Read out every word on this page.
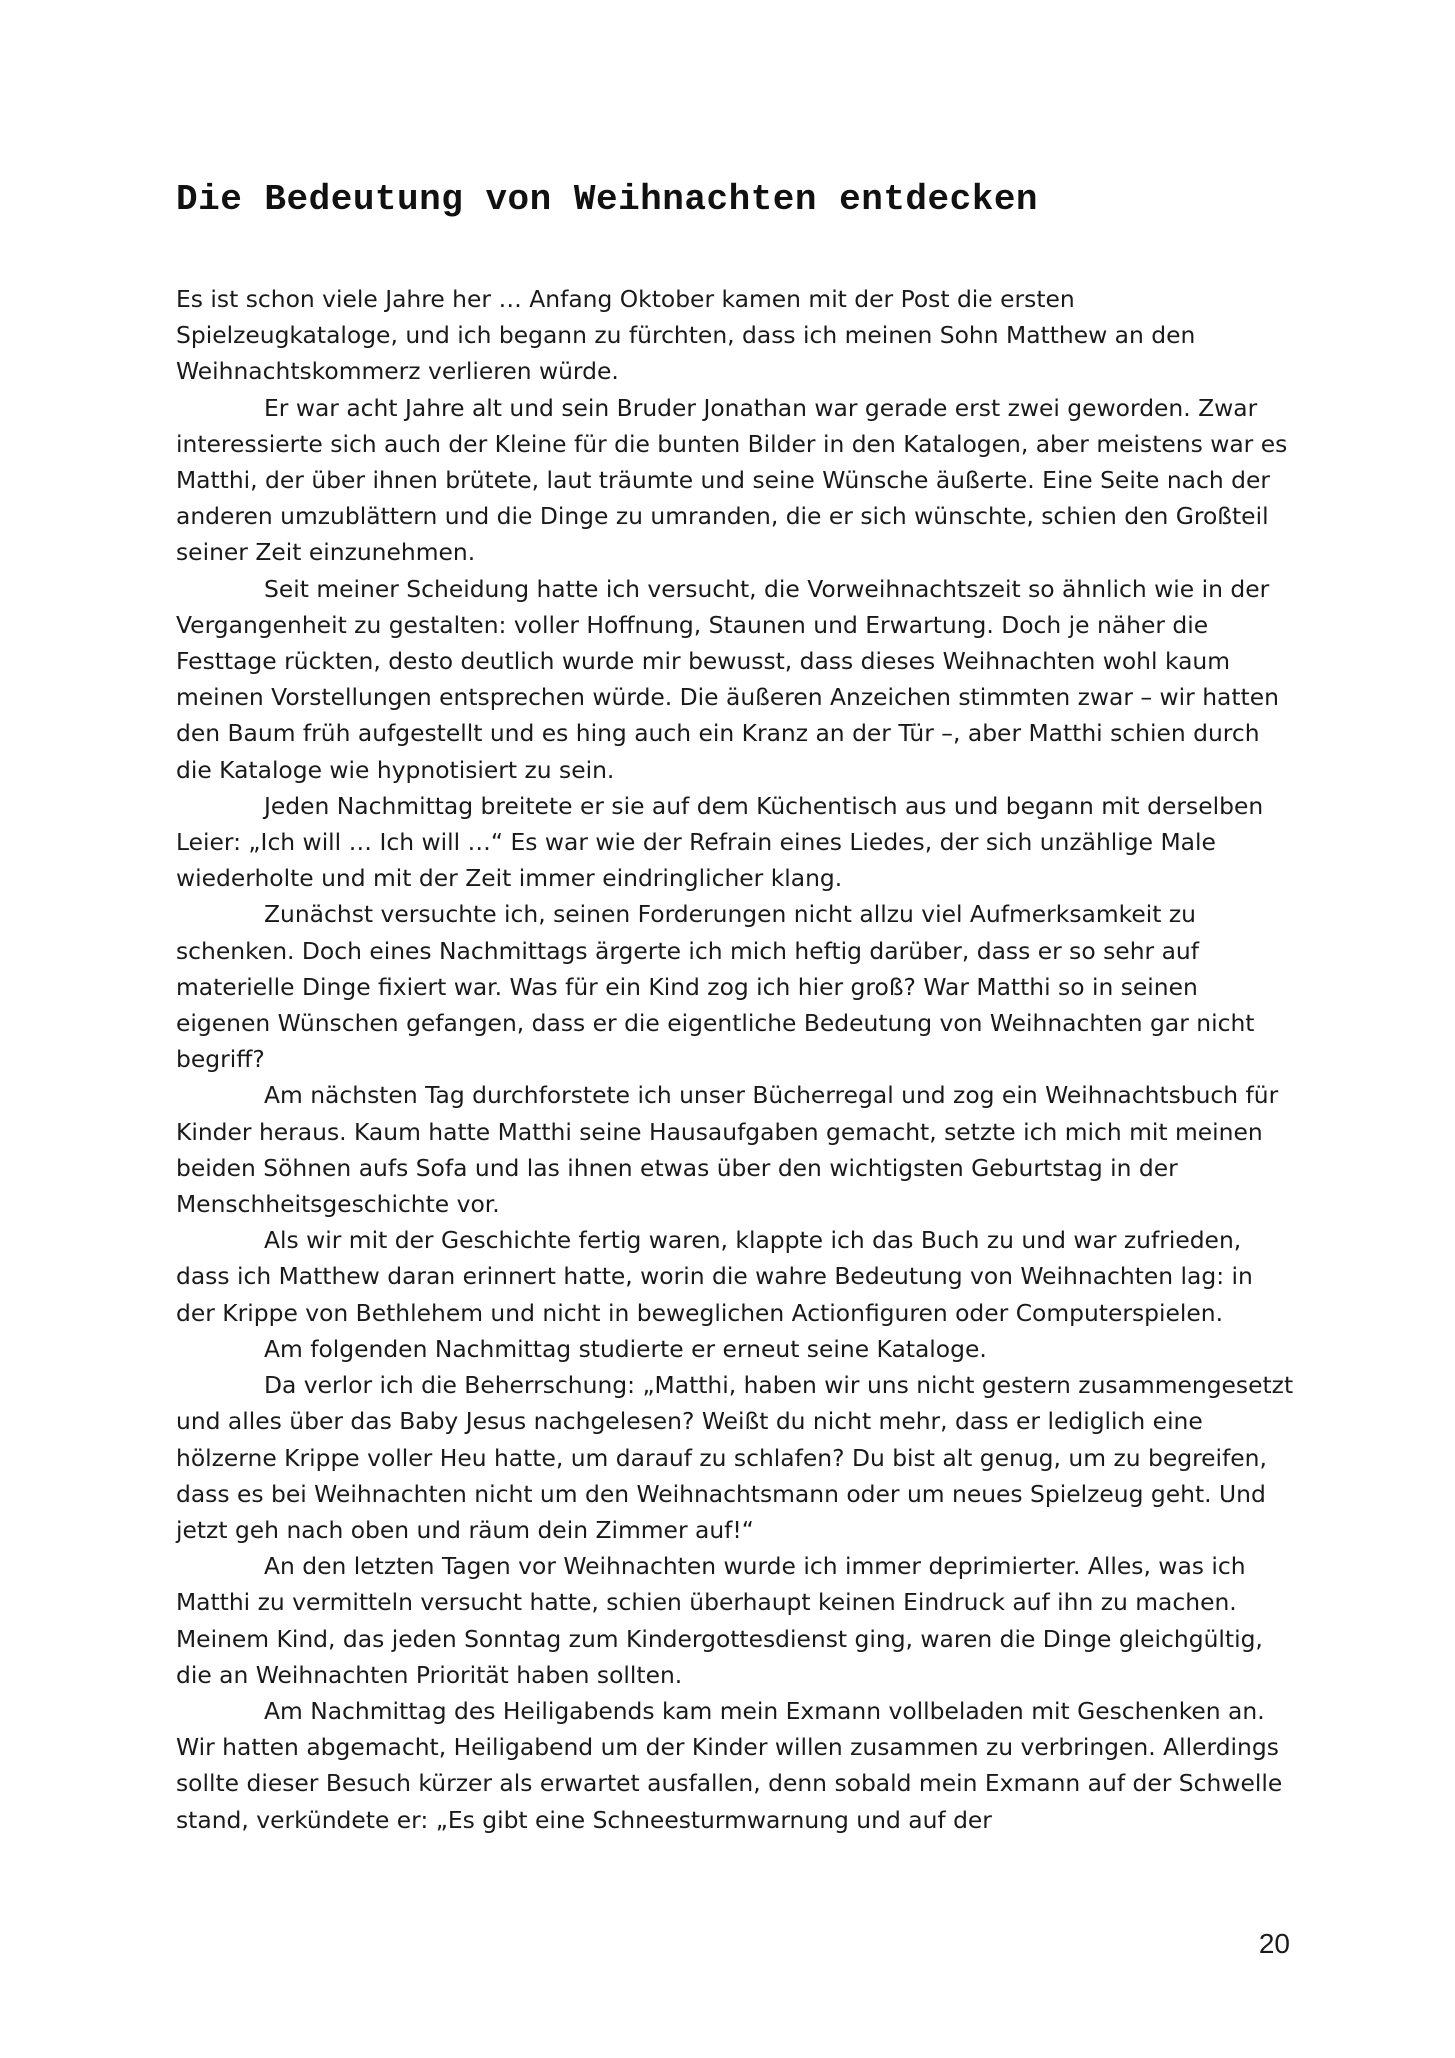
Die Bedeutung von Weihnachten entdecken

Es ist schon viele Jahre her … Anfang Oktober kamen mit der Post die ersten Spielzeugkataloge, und ich begann zu fürchten, dass ich meinen Sohn Matthew an den Weihnachtskommerz verlieren würde.

Er war acht Jahre alt und sein Bruder Jonathan war gerade erst zwei geworden. Zwar interessierte sich auch der Kleine für die bunten Bilder in den Katalogen, aber meistens war es Matthi, der über ihnen brütete, laut träumte und seine Wünsche äußerte. Eine Seite nach der anderen umzublättern und die Dinge zu umranden, die er sich wünschte, schien den Großteil seiner Zeit einzunehmen.

Seit meiner Scheidung hatte ich versucht, die Vorweihnachtszeit so ähnlich wie in der Vergangenheit zu gestalten: voller Hoffnung, Staunen und Erwartung. Doch je näher die Festtage rückten, desto deutlich wurde mir bewusst, dass dieses Weihnachten wohl kaum meinen Vorstellungen entsprechen würde. Die äußeren Anzeichen stimmten zwar – wir hatten den Baum früh aufgestellt und es hing auch ein Kranz an der Tür –, aber Matthi schien durch die Kataloge wie hypnotisiert zu sein.

Jeden Nachmittag breitete er sie auf dem Küchentisch aus und begann mit derselben Leier: „Ich will … Ich will …“ Es war wie der Refrain eines Liedes, der sich unzählige Male wiederholte und mit der Zeit immer eindringlicher klang.

Zunächst versuchte ich, seinen Forderungen nicht allzu viel Aufmerksamkeit zu schenken. Doch eines Nachmittags ärgerte ich mich heftig darüber, dass er so sehr auf materielle Dinge fixiert war. Was für ein Kind zog ich hier groß? War Matthi so in seinen eigenen Wünschen gefangen, dass er die eigentliche Bedeutung von Weihnachten gar nicht begriff?

Am nächsten Tag durchforstete ich unser Bücherregal und zog ein Weihnachtsbuch für Kinder heraus. Kaum hatte Matthi seine Hausaufgaben gemacht, setzte ich mich mit meinen beiden Söhnen aufs Sofa und las ihnen etwas über den wichtigsten Geburtstag in der Menschheitsgeschichte vor.

Als wir mit der Geschichte fertig waren, klappte ich das Buch zu und war zufrieden, dass ich Matthew daran erinnert hatte, worin die wahre Bedeutung von Weihnachten lag: in der Krippe von Bethlehem und nicht in beweglichen Actionfiguren oder Computerspielen.

Am folgenden Nachmittag studierte er erneut seine Kataloge.

Da verlor ich die Beherrschung: „Matthi, haben wir uns nicht gestern zusammengesetzt und alles über das Baby Jesus nachgelesen? Weißt du nicht mehr, dass er lediglich eine hölzerne Krippe voller Heu hatte, um darauf zu schlafen? Du bist alt genug, um zu begreifen, dass es bei Weihnachten nicht um den Weihnachtsmann oder um neues Spielzeug geht. Und jetzt geh nach oben und räum dein Zimmer auf!“

An den letzten Tagen vor Weihnachten wurde ich immer deprimierter. Alles, was ich Matthi zu vermitteln versucht hatte, schien überhaupt keinen Eindruck auf ihn zu machen. Meinem Kind, das jeden Sonntag zum Kindergottesdienst ging, waren die Dinge gleichgültig, die an Weihnachten Priorität haben sollten.

Am Nachmittag des Heiligabends kam mein Exmann vollbeladen mit Geschenken an. Wir hatten abgemacht, Heiligabend um der Kinder willen zusammen zu verbringen. Allerdings sollte dieser Besuch kürzer als erwartet ausfallen, denn sobald mein Exmann auf der Schwelle stand, verkündete er: „Es gibt eine Schneesturmwarnung und auf der

20
